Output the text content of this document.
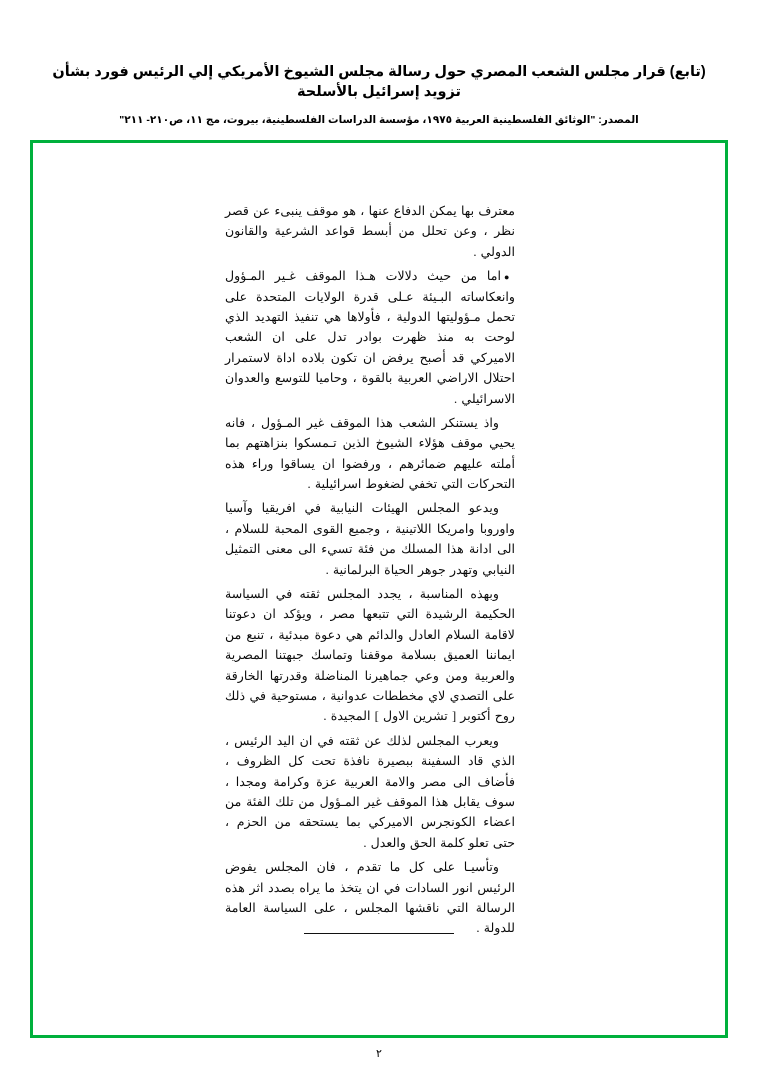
(تابع) قرار مجلس الشعب المصري حول رسالة مجلس الشيوخ الأمريكي إلي الرئيس فورد بشأن تزويد إسرائيل بالأسلحة

المصدر: "الوثائق الفلسطينية العربية ١٩٧٥، مؤسسة الدراسات الفلسطينية، بيروت، مج ١١، ص٢١٠- ٢١١"

معترف بها يمكن الدفاع عنها ، هو موقف ينبىء عن قصر نظر ، وعن تحلل من أبسط قواعد الشرعية والقانون الدولي .

● اما من حيث دلالات هـذا الموقف غـير المـؤول وانعكاساته البـيئة عـلى قدرة الولايات المتحدة على تحمل مـؤوليتها الدولية ، فأولاها هي تنفيذ التهديد الذي لوحت به منذ ظهرت بوادر تدل على ان الشعب الاميركي قد أصبح يرفض ان تكون بلاده اداة لاستمرار احتلال الاراضي العربية بالقوة ، وحاميا للتوسع والعدوان الاسرائيلي .

واذ يستنكر الشعب هذا الموقف غير المـؤول ، فانه يحيي موقف هؤلاء الشيوخ الذين تـمسكوا بنزاهتهم بما أملته عليهم ضمائرهم ، ورفضوا ان يساقوا وراء هذه التحركات التي تخفي لضغوط اسرائيلية .

ويدعو المجلس الهيئات النيابية في افريقيا وآسيا واوروبا وامريكا اللاتينية ، وجميع القوى المحبة للسلام ، الى ادانة هذا المسلك من فئة تسيء الى معنى التمثيل النيابي وتهدر جوهر الحياة البرلمانية .

وبهذه المناسبة ، يجدد المجلس ثقته في السياسة الحكيمة الرشيدة التي تتبعها مصر ، ويؤكد ان دعوتنا لاقامة السلام العادل والدائم هي دعوة مبدئية ، تنبع من ايماننا العميق بسلامة موقفنا وتماسك جبهتنا المصرية والعربية ومن وعي جماهيرنا المناضلة وقدرتها الخارقة على التصدي لاي مخططات عدوانية ، مستوحية في ذلك روح أكتوبر [ تشرين الاول ] المجيدة .

ويعرب المجلس لذلك عن ثقته في ان اليد الرئيس ، الذي قاد السفينة ببصيرة نافذة تحت كل الظروف ، فأضاف الى مصر والامة العربية عزة وكرامة ومجدا ، سوف يقابل هذا الموقف غير المـؤول من تلك الفئة من اعضاء الكونجرس الاميركي بما يستحقه من الحزم ، حتى تعلو كلمة الحق والعدل .

وتأسيـا على كل ما تقدم ، فان المجلس يفوض الرئيس انور السادات في ان يتخذ ما يراه بصدد اثر هذه الرسالة التي ناقشها المجلس ، على السياسة العامة للدولة .

٢
